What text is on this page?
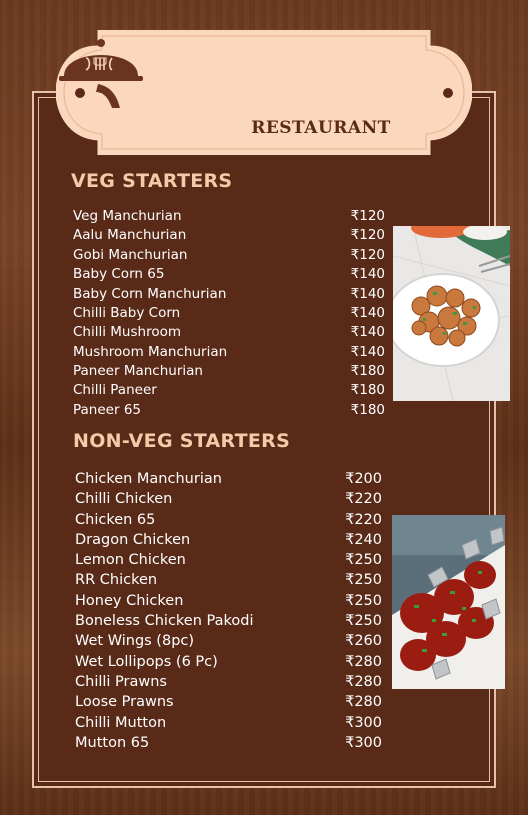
RESTAURANT
VEG STARTERS
Veg Manchurian	₹120
Aalu Manchurian	₹120
Gobi Manchurian	₹120
Baby Corn 65	₹140
Baby Corn Manchurian	₹140
Chilli Baby Corn	₹140
Chilli Mushroom	₹140
Mushroom Manchurian	₹140
Paneer Manchurian	₹180
Chilli Paneer	₹180
Paneer 65	₹180
NON-VEG STARTERS
Chicken Manchurian	₹200
Chilli Chicken	₹220
Chicken 65	₹220
Dragon Chicken	₹240
Lemon Chicken	₹250
RR Chicken	₹250
Honey Chicken	₹250
Boneless Chicken Pakodi	₹250
Wet Wings (8pc)	₹260
Wet Lollipops (6 Pc)	₹280
Chilli Prawns	₹280
Loose Prawns	₹280
Chilli Mutton	₹300
Mutton 65	₹300
